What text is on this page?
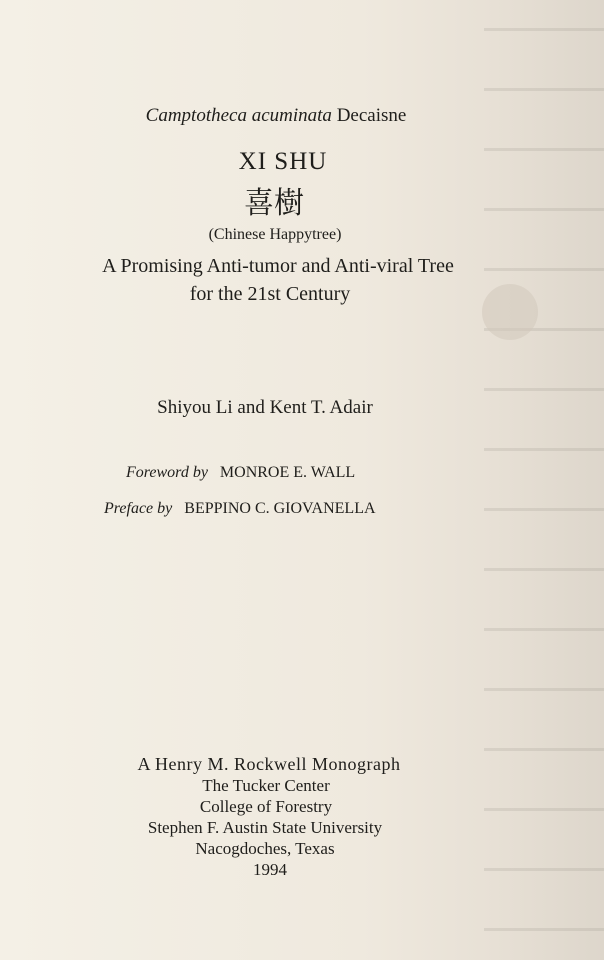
Camptotheca acuminata Decaisne
XI SHU
喜樹
(Chinese Happytree)
A Promising Anti-tumor and Anti-viral Tree
for the 21st Century
Shiyou Li and Kent T. Adair
Foreword by MONROE E. WALL
Preface by BEPPINO C. GIOVANELLA
A Henry M. Rockwell Monograph
The Tucker Center
College of Forestry
Stephen F. Austin State University
Nacogdoches, Texas
1994
